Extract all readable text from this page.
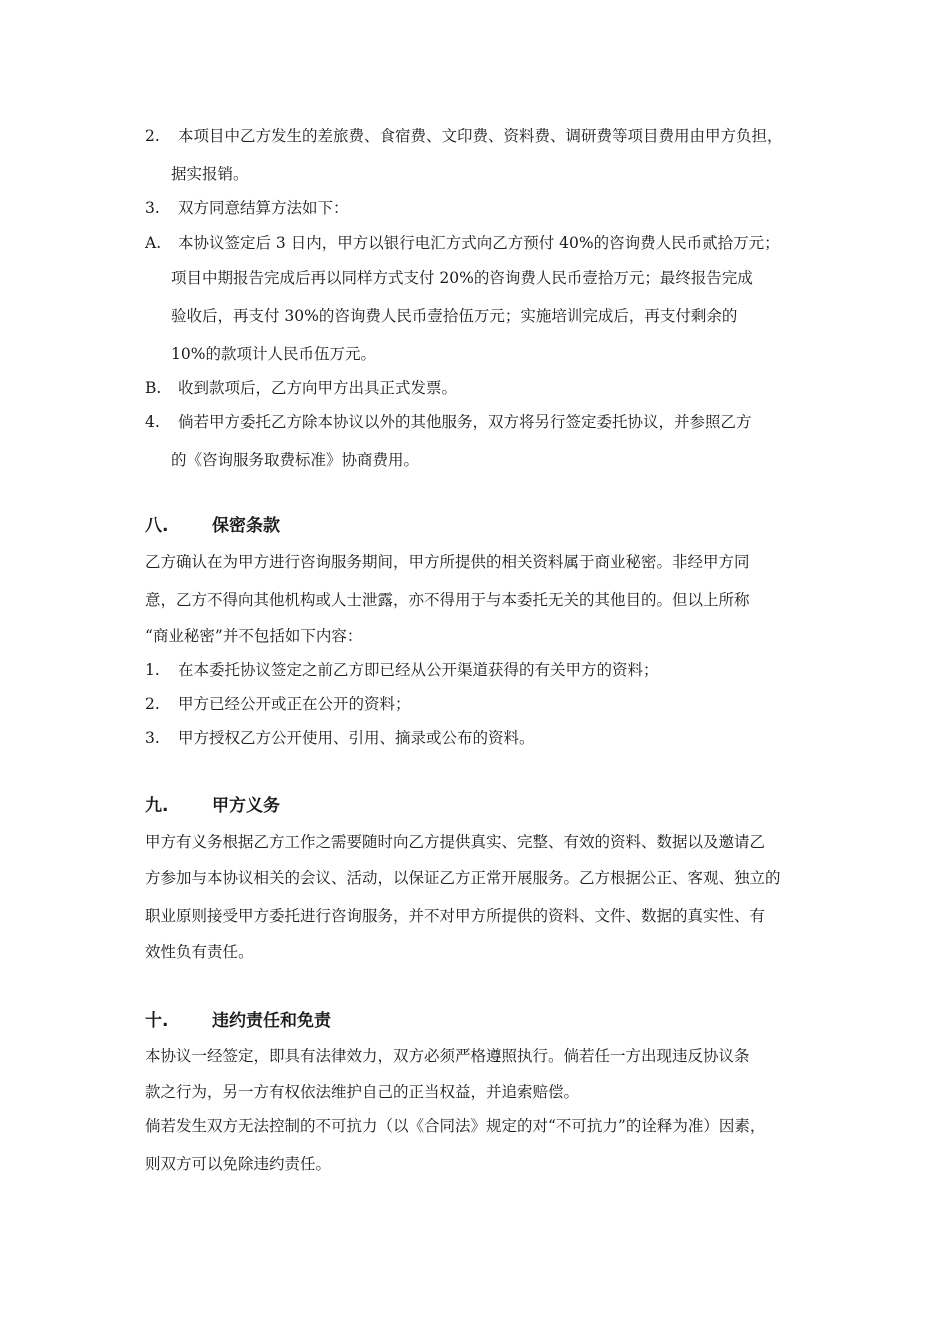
2. 本项目中乙方发生的差旅费、食宿费、文印费、资料费、调研费等项目费用由甲方负担，
据实报销。
3. 双方同意结算方法如下：
A. 本协议签定后 3 日内，甲方以银行电汇方式向乙方预付 40%的咨询费人民币贰拾万元；
项目中期报告完成后再以同样方式支付 20%的咨询费人民币壹拾万元；最终报告完成
验收后，再支付 30%的咨询费人民币壹拾伍万元；实施培训完成后，再支付剩余的
10%的款项计人民币伍万元。
B. 收到款项后，乙方向甲方出具正式发票。
4. 倘若甲方委托乙方除本协议以外的其他服务，双方将另行签定委托协议，并参照乙方
的《咨询服务取费标准》协商费用。
八.	保密条款
乙方确认在为甲方进行咨询服务期间，甲方所提供的相关资料属于商业秘密。非经甲方同
意，乙方不得向其他机构或人士泄露，亦不得用于与本委托无关的其他目的。但以上所称
“商业秘密”并不包括如下内容：
1. 在本委托协议签定之前乙方即已经从公开渠道获得的有关甲方的资料；
2. 甲方已经公开或正在公开的资料；
3. 甲方授权乙方公开使用、引用、摘录或公布的资料。
九.	甲方义务
甲方有义务根据乙方工作之需要随时向乙方提供真实、完整、有效的资料、数据以及邀请乙
方参加与本协议相关的会议、活动，以保证乙方正常开展服务。乙方根据公正、客观、独立的
职业原则接受甲方委托进行咨询服务，并不对甲方所提供的资料、文件、数据的真实性、有
效性负有责任。
十.	违约责任和免责
本协议一经签定，即具有法律效力，双方必须严格遵照执行。倘若任一方出现违反协议条
款之行为，另一方有权依法维护自己的正当权益，并追索赔偿。
倘若发生双方无法控制的不可抗力（以《合同法》规定的对“不可抗力”的诠释为准）因素，
则双方可以免除违约责任。
